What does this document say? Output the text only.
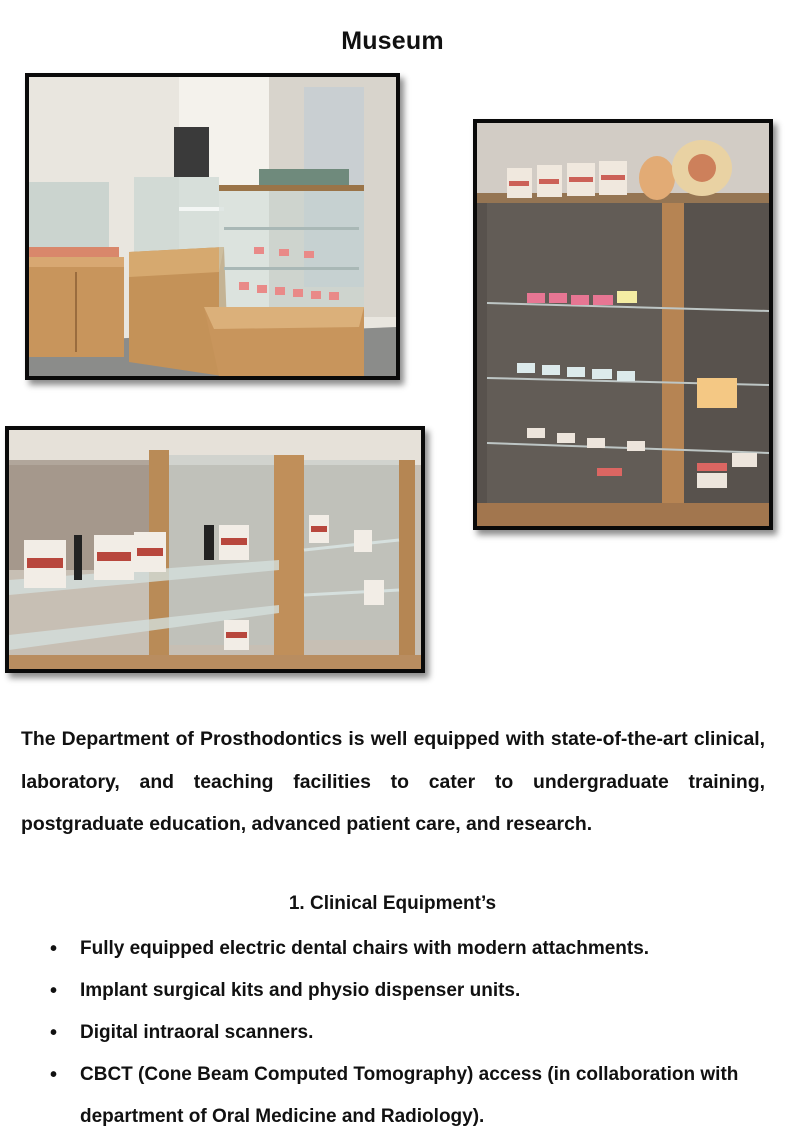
Museum

The Department of Prosthodontics is well equipped with state-of-the-art clinical, laboratory, and teaching facilities to cater to undergraduate training, postgraduate education, advanced patient care, and research.

1. Clinical Equipment’s
• Fully equipped electric dental chairs with modern attachments.
• Implant surgical kits and physio dispenser units.
• Digital intraoral scanners.
• CBCT (Cone Beam Computed Tomography) access (in collaboration with department of Oral Medicine and Radiology).
